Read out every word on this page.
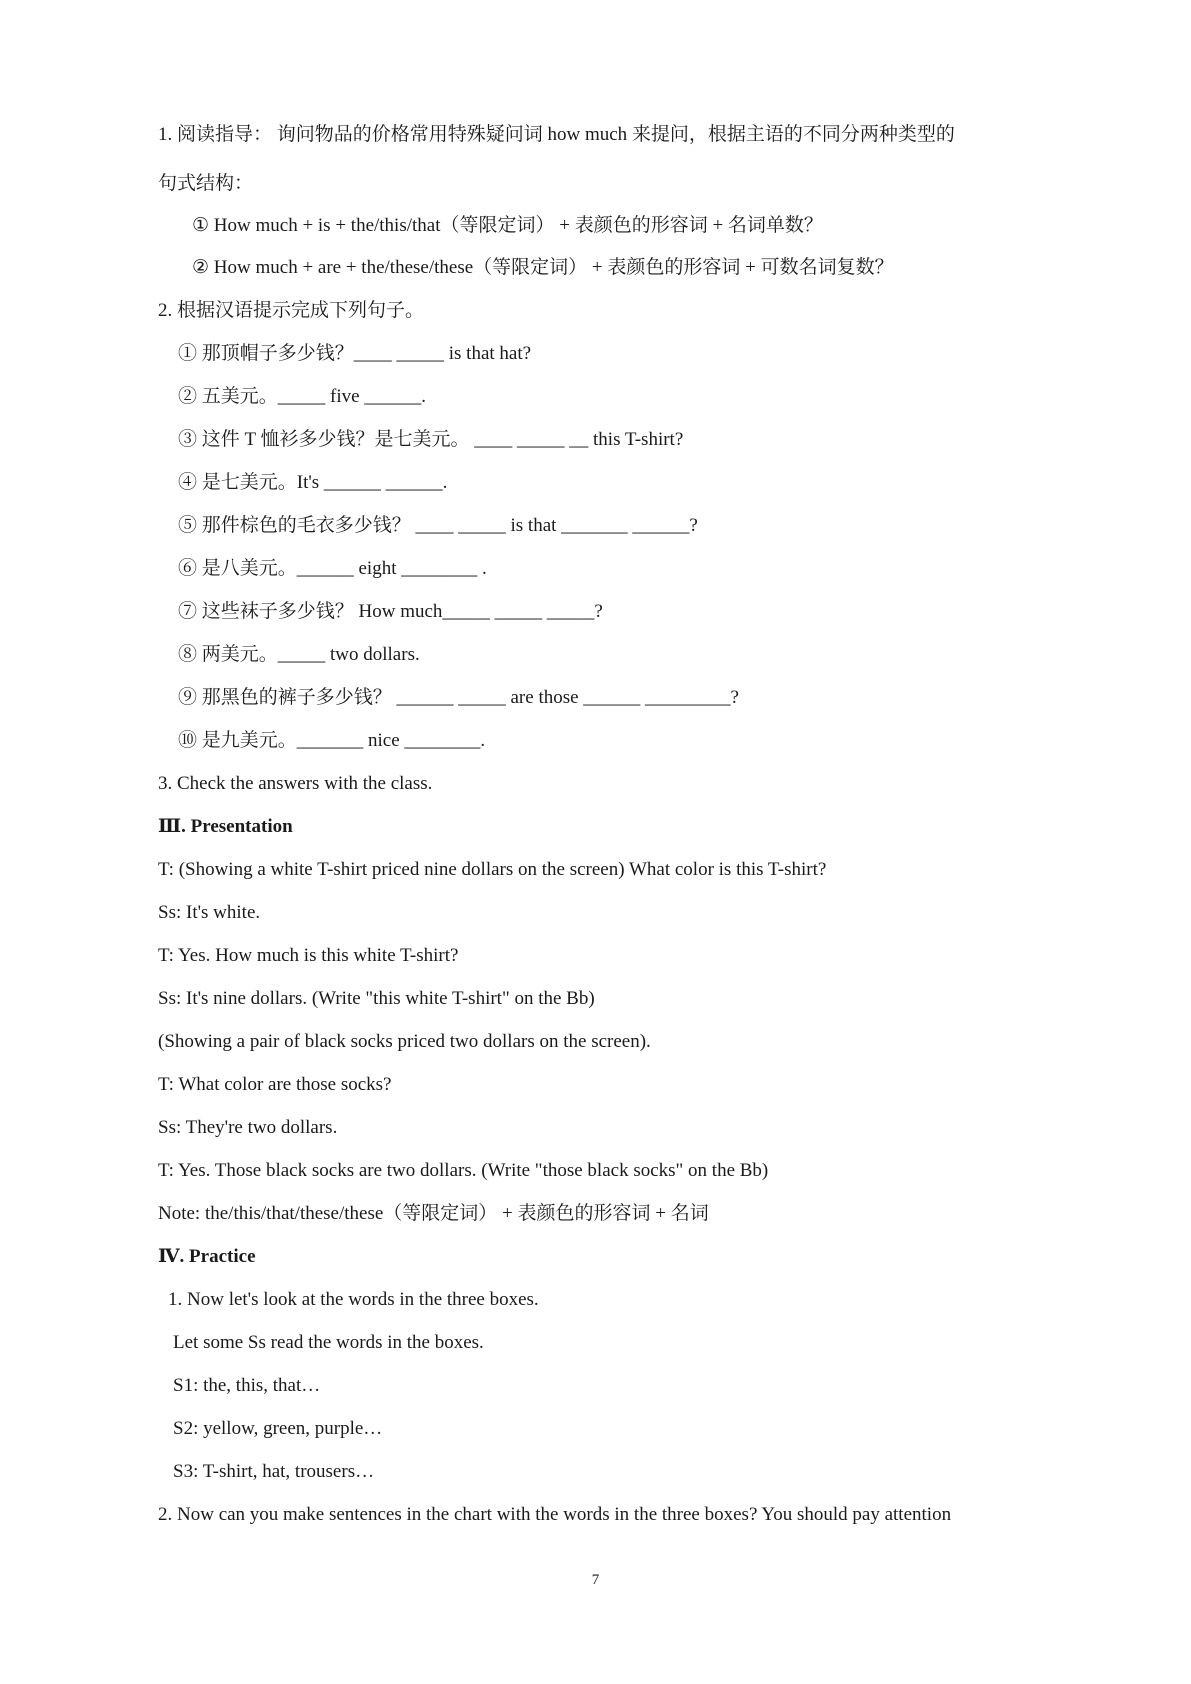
1. 阅读指导： 询问物品的价格常用特殊疑问词 how much 来提问，根据主语的不同分两种类型的
句式结构：
① How much + is + the/this/that（等限定词） + 表颜色的形容词 + 名词单数？
② How much + are + the/these/these（等限定词） + 表颜色的形容词 + 可数名词复数？
2. 根据汉语提示完成下列句子。
① 那顶帽子多少钱？____ _____ is that hat?
② 五美元。_____ five ______.
③ 这件 T 恤衫多少钱？是七美元。 ____ _____ __ this T-shirt?
④ 是七美元。It's ______ ______.
⑤ 那件棕色的毛衣多少钱？ ____ _____ is that _______ ______?
⑥ 是八美元。______ eight ________ .
⑦ 这些袜子多少钱？ How much_____ _____ _____?
⑧ 两美元。_____ two dollars.
⑨ 那黑色的裤子多少钱？ ______ _____ are those ______ _________?
⑩ 是九美元。_______ nice ________.
3. Check the answers with the class.
Ⅲ. Presentation
T: (Showing a white T-shirt priced nine dollars on the screen) What color is this T-shirt?
Ss: It's white.
T: Yes. How much is this white T-shirt?
Ss: It's nine dollars. (Write "this white T-shirt" on the Bb)
(Showing a pair of black socks priced two dollars on the screen).
T: What color are those socks?
Ss: They're two dollars.
T: Yes. Those black socks are two dollars. (Write "those black socks" on the Bb)
Note: the/this/that/these/these（等限定词） + 表颜色的形容词 + 名词
Ⅳ. Practice
1. Now let's look at the words in the three boxes.
Let some Ss read the words in the boxes.
S1: the, this, that…
S2: yellow, green, purple…
S3: T-shirt, hat, trousers…
2. Now can you make sentences in the chart with the words in the three boxes? You should pay attention
7
